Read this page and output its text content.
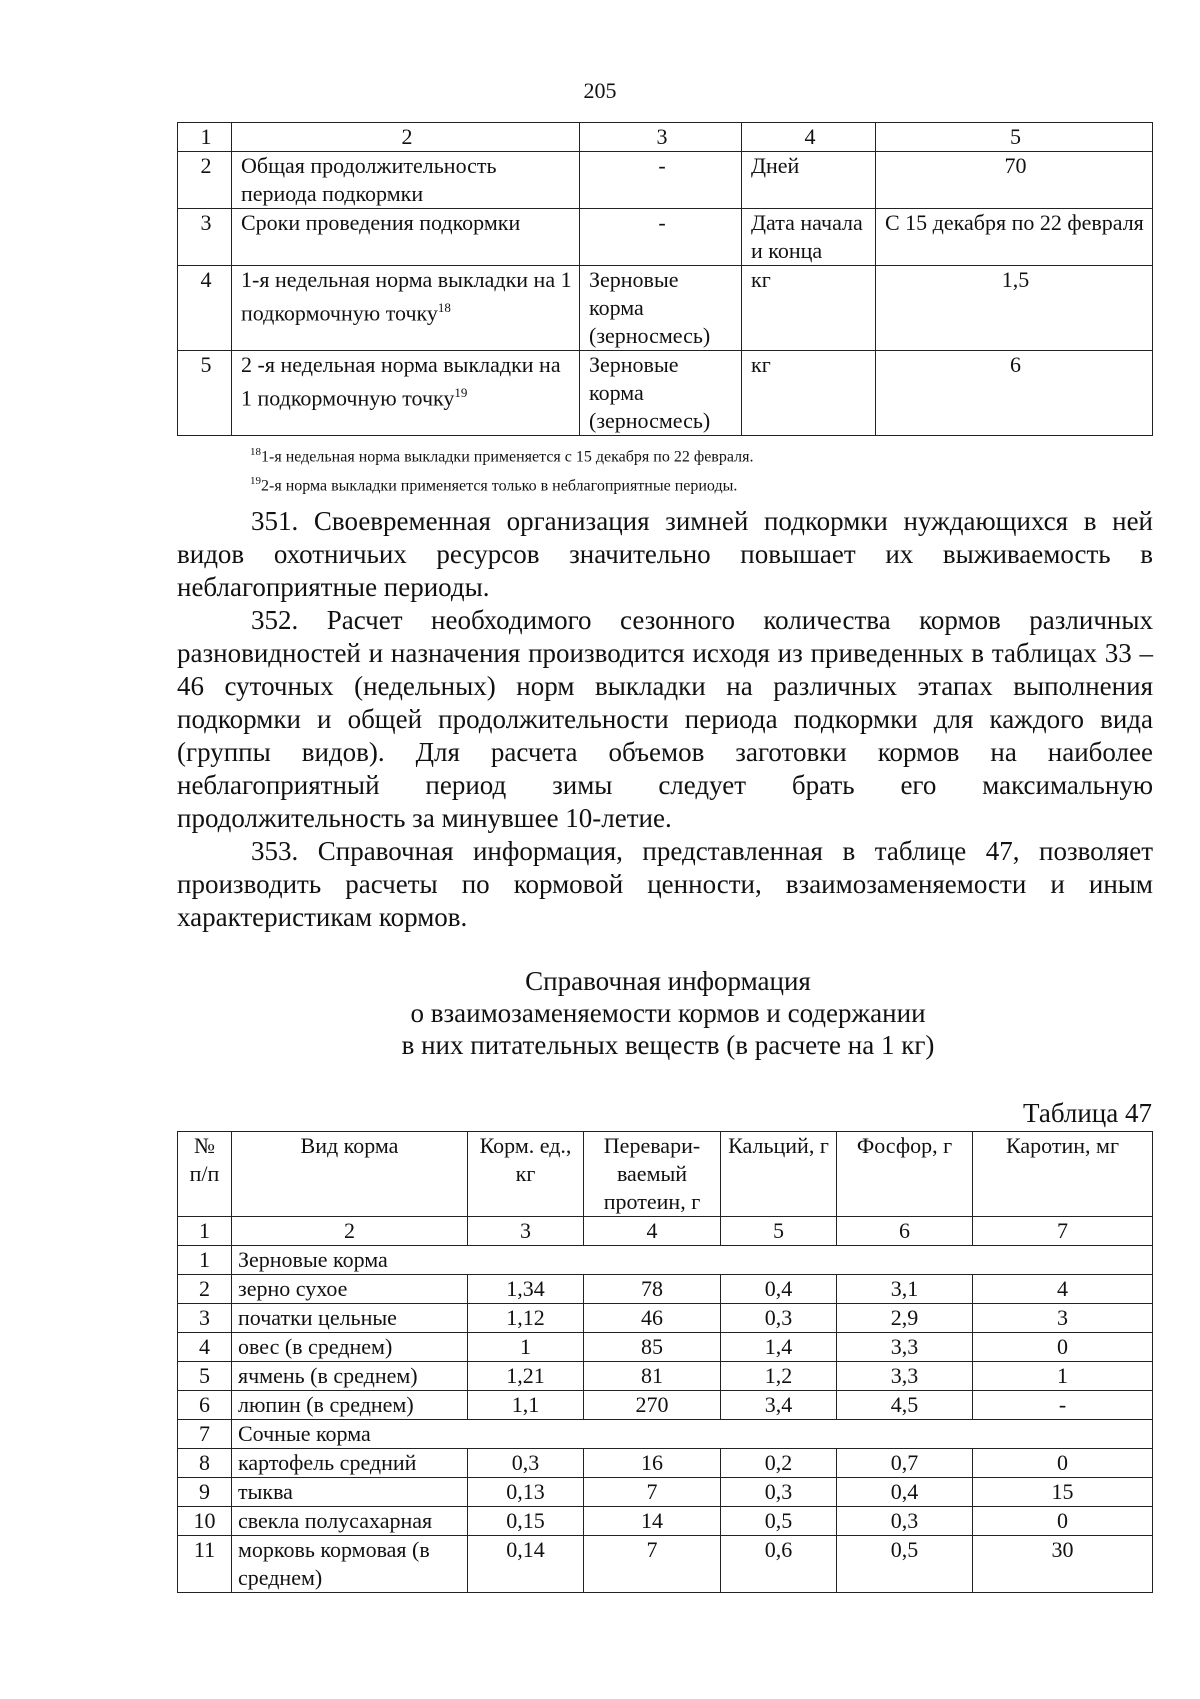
205
1	2	3	4	5
2	Общая продолжительность периода подкормки	-	Дней	70
3	Сроки проведения подкормки	-	Дата начала и конца	С 15 декабря по 22 февраля
4	1-я недельная норма выкладки на 1 подкормочную точку$^{18}$	Зерновые корма (зерносмесь)	кг	1,5
5	2 -я недельная норма выкладки на 1 подкормочную точку$^{19}$	Зерновые корма (зерносмесь)	кг	6
$^{18}$1-я недельная норма выкладки применяется с 15 декабря по 22 февраля.
$^{19}$2-я норма выкладки применяется только в неблагоприятные периоды.

351. Своевременная организация зимней подкормки нуждающихся в ней видов охотничьих ресурсов значительно повышает их выживаемость в неблагоприятные периоды.

352. Расчет необходимого сезонного количества кормов различных разновидностей и назначения производится исходя из приведенных в таблицах 33 – 46 суточных (недельных) норм выкладки на различных этапах выполнения подкормки и общей продолжительности периода подкормки для каждого вида (группы видов). Для расчета объемов заготовки кормов на наиболее неблагоприятный период зимы следует брать его максимальную продолжительность за минувшее 10-летие.

353. Справочная информация, представленная в таблице 47, позволяет производить расчеты по кормовой ценности, взаимозаменяемости и иным характеристикам кормов.

Справочная информация
о взаимозаменяемости кормов и содержании
в них питательных веществ (в расчете на 1 кг)
Таблица 47
№ п/п	Вид корма	Корм. ед., кг	Перевари-ваемый протеин, г	Кальций, г	Фосфор, г	Каротин, мг
1	2	3	4	5	6	7
1	Зерновые корма					
2	зерно сухое	1,34	78	0,4	3,1	4
3	початки цельные	1,12	46	0,3	2,9	3
4	овес (в среднем)	1	85	1,4	3,3	0
5	ячмень (в среднем)	1,21	81	1,2	3,3	1
6	люпин (в среднем)	1,1	270	3,4	4,5	-
7	Сочные корма					
8	картофель средний	0,3	16	0,2	0,7	0
9	тыква	0,13	7	0,3	0,4	15
10	свекла полусахарная	0,15	14	0,5	0,3	0
11	морковь кормовая (в среднем)	0,14	7	0,6	0,5	30
